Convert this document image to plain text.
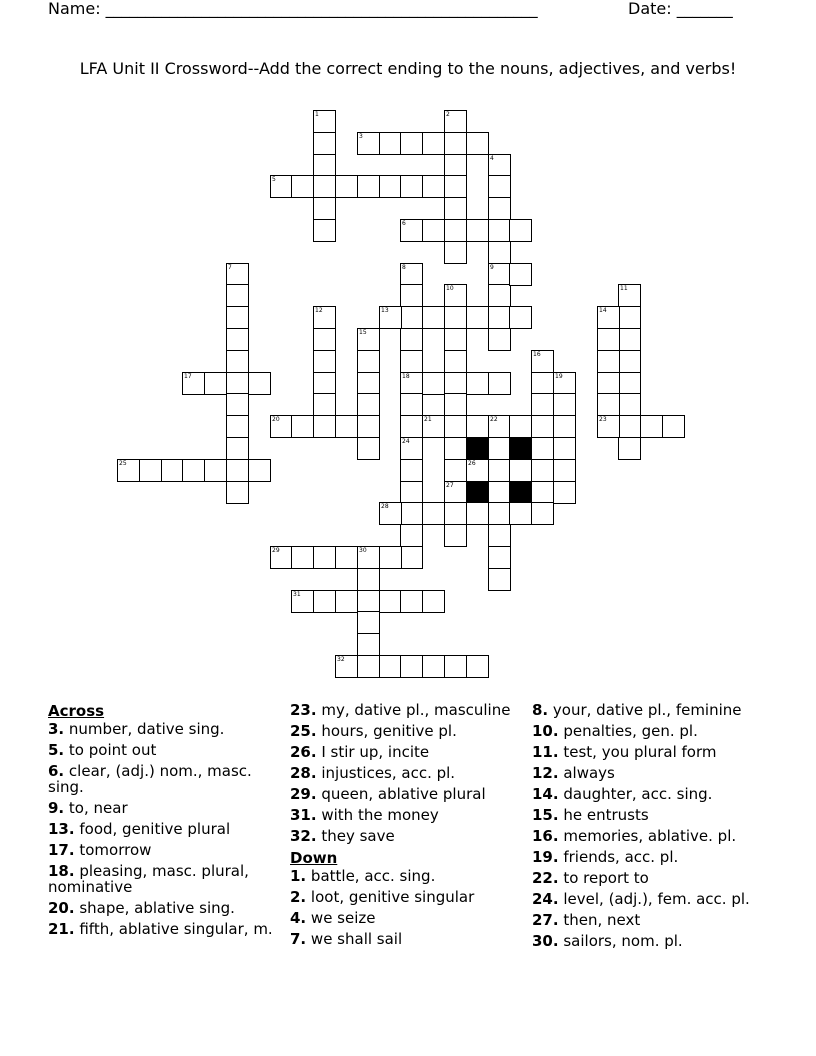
Name: ______________________________________________________	Date: _______
LFA Unit II Crossword--Add the correct ending to the nouns, adjectives, and verbs!
1	2
3
4
9
5
6
7	8
18
24
10
27
11
12	13	14
23
15
16
17	19
20	21	22
25	26
28
29	30
31
32
Across
3. number, dative sing.
5. to point out
6. clear, (adj.) nom., masc. sing.
9. to, near
13. food, genitive plural
17. tomorrow
18. pleasing, masc. plural, nominative
20. shape, ablative sing.
21. fifth, ablative singular, m.
23. my, dative pl., masculine
25. hours, genitive pl.
26. I stir up, incite
28. injustices, acc. pl.
29. queen, ablative plural
31. with the money
32. they save
Down
1. battle, acc. sing.
2. loot, genitive singular
4. we seize
7. we shall sail
8. your, dative pl., feminine
10. penalties, gen. pl.
11. test, you plural form
12. always
14. daughter, acc. sing.
15. he entrusts
16. memories, ablative. pl.
19. friends, acc. pl.
22. to report to
24. level, (adj.), fem. acc. pl.
27. then, next
30. sailors, nom. pl.
